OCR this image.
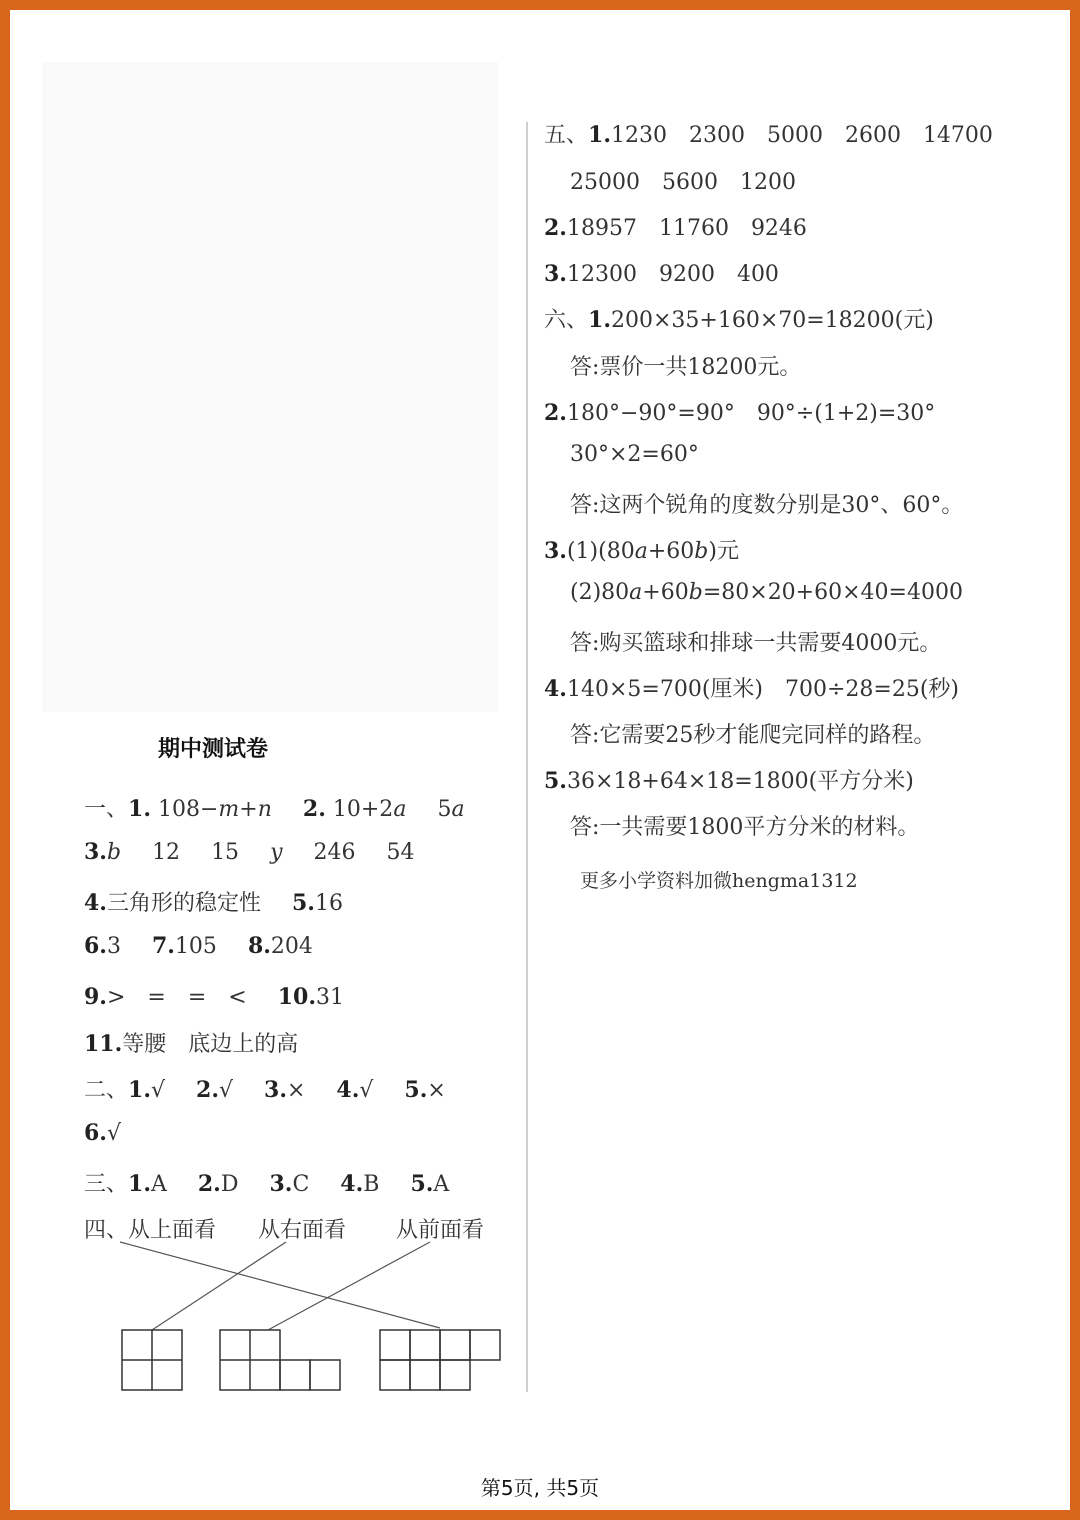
期中测试卷

一、1. 108−m+n 2. 10+2a 5a

3.b 12 15 y 246 54

4.三角形的稳定性 5.16

6.3 7.105 8.204

9.>　=　=　< 10.31

11.等腰　底边上的高

二、1.√ 2.√ 3.× 4.√ 5.×

6.√

三、1.A 2.D 3.C 4.B 5.A

四、从上面看 从右面看 从前面看

五、1.1230　2300　5000　2600　14700

25000　5600　1200

2.18957　11760　9246

3.12300　9200　400

六、1.200×35+160×70=18200(元)

答:票价一共18200元。

2.180°−90°=90°　90°÷(1+2)=30°

30°×2=60°

答:这两个锐角的度数分别是30°、60°。

3.(1)(80a+60b)元

(2)80a+60b=80×20+60×40=4000

答:购买篮球和排球一共需要4000元。

4.140×5=700(厘米)　700÷28=25(秒)

答:它需要25秒才能爬完同样的路程。

5.36×18+64×18=1800(平方分米)

答:一共需要1800平方分米的材料。

更多小学资料加微hengma1312

第5页, 共5页
